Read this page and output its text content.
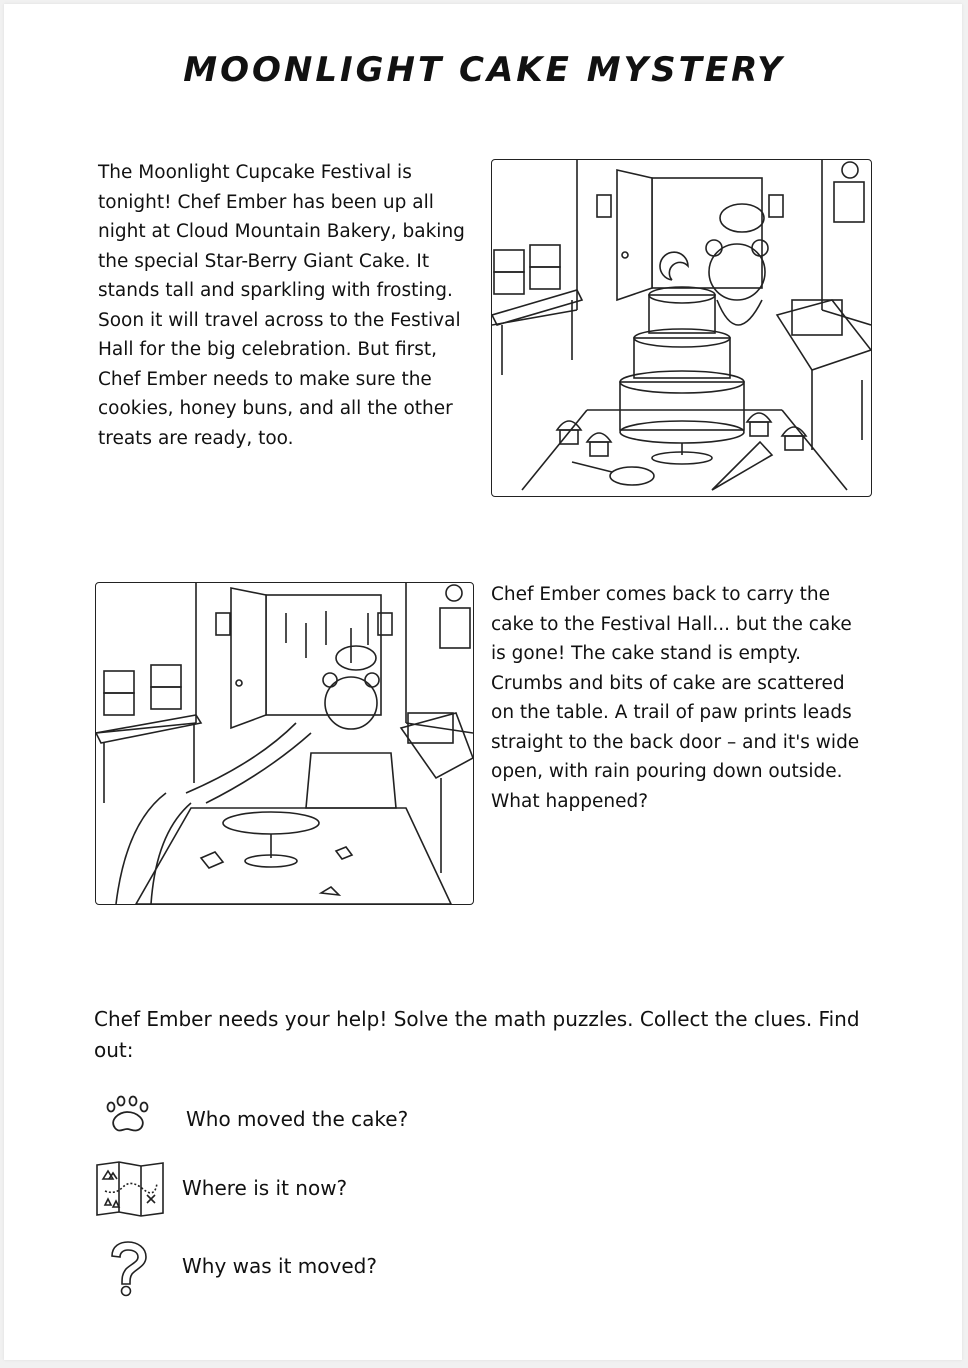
MOONLIGHT CAKE MYSTERY

The Moonlight Cupcake Festival is tonight! Chef Ember has been up all night at Cloud Mountain Bakery, baking the special Star-Berry Giant Cake. It stands tall and sparkling with frosting. Soon it will travel across to the Festival Hall for the big celebration. But first, Chef Ember needs to make sure the cookies, honey buns, and all the other treats are ready, too.

Chef Ember comes back to carry the cake to the Festival Hall... but the cake is gone! The cake stand is empty. Crumbs and bits of cake are scattered on the table. A trail of paw prints leads straight to the back door – and it's wide open, with rain pouring down outside. What happened?

Chef Ember needs your help! Solve the math puzzles. Collect the clues. Find out:

Who moved the cake?

Where is it now?

Why was it moved?
